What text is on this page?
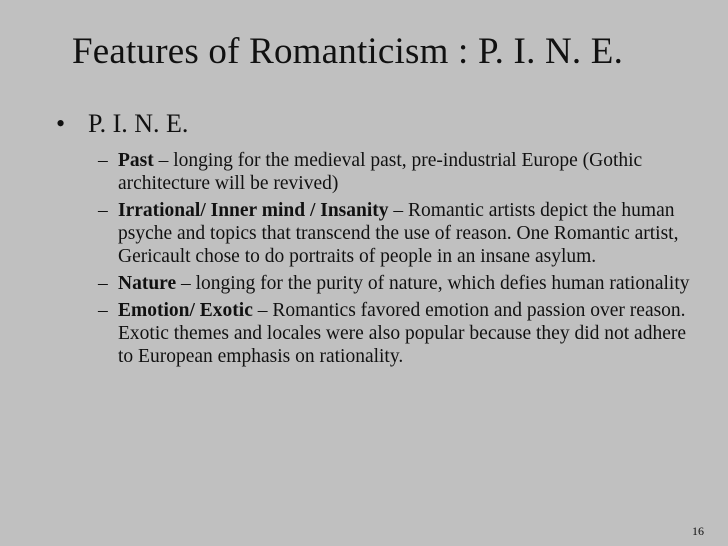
Features of Romanticism : P. I. N. E.
• P. I. N. E.
– Past – longing for the medieval past, pre-industrial Europe (Gothic architecture will be revived)
– Irrational/ Inner mind / Insanity – Romantic artists depict the human psyche and topics that transcend the use of reason. One Romantic artist, Gericault chose to do portraits of people in an insane asylum.
– Nature – longing for the purity of nature, which defies human rationality
– Emotion/ Exotic – Romantics favored emotion and passion over reason. Exotic themes and locales were also popular because they did not adhere to European emphasis on rationality.
16
